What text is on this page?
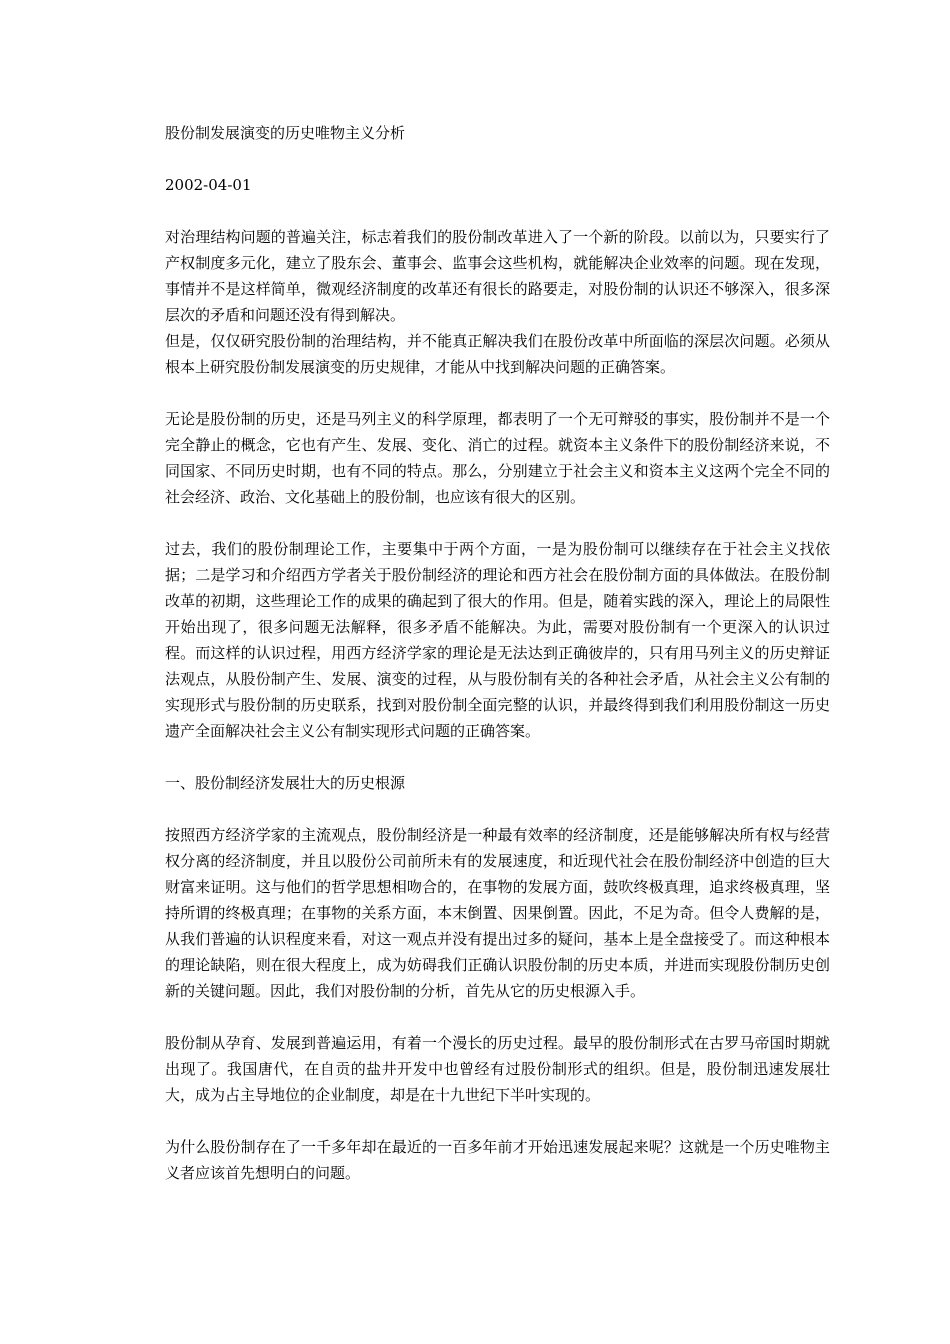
股份制发展演变的历史唯物主义分析

2002-04-01

对治理结构问题的普遍关注，标志着我们的股份制改革进入了一个新的阶段。以前以为，只要实行了产权制度多元化，建立了股东会、董事会、监事会这些机构，就能解决企业效率的问题。现在发现，事情并不是这样简单，微观经济制度的改革还有很长的路要走，对股份制的认识还不够深入，很多深层次的矛盾和问题还没有得到解决。

但是，仅仅研究股份制的治理结构，并不能真正解决我们在股份改革中所面临的深层次问题。必须从根本上研究股份制发展演变的历史规律，才能从中找到解决问题的正确答案。

无论是股份制的历史，还是马列主义的科学原理，都表明了一个无可辩驳的事实，股份制并不是一个完全静止的概念，它也有产生、发展、变化、消亡的过程。就资本主义条件下的股份制经济来说，不同国家、不同历史时期，也有不同的特点。那么，分别建立于社会主义和资本主义这两个完全不同的社会经济、政治、文化基础上的股份制，也应该有很大的区别。

过去，我们的股份制理论工作，主要集中于两个方面，一是为股份制可以继续存在于社会主义找依据；二是学习和介绍西方学者关于股份制经济的理论和西方社会在股份制方面的具体做法。在股份制改革的初期，这些理论工作的成果的确起到了很大的作用。但是，随着实践的深入，理论上的局限性开始出现了，很多问题无法解释，很多矛盾不能解决。为此，需要对股份制有一个更深入的认识过程。而这样的认识过程，用西方经济学家的理论是无法达到正确彼岸的，只有用马列主义的历史辩证法观点，从股份制产生、发展、演变的过程，从与股份制有关的各种社会矛盾，从社会主义公有制的实现形式与股份制的历史联系，找到对股份制全面完整的认识，并最终得到我们利用股份制这一历史遗产全面解决社会主义公有制实现形式问题的正确答案。

一、股份制经济发展壮大的历史根源

按照西方经济学家的主流观点，股份制经济是一种最有效率的经济制度，还是能够解决所有权与经营权分离的经济制度，并且以股份公司前所未有的发展速度，和近现代社会在股份制经济中创造的巨大财富来证明。这与他们的哲学思想相吻合的，在事物的发展方面，鼓吹终极真理，追求终极真理，坚持所谓的终极真理；在事物的关系方面，本末倒置、因果倒置。因此，不足为奇。但令人费解的是，从我们普遍的认识程度来看，对这一观点并没有提出过多的疑问，基本上是全盘接受了。而这种根本的理论缺陷，则在很大程度上，成为妨碍我们正确认识股份制的历史本质，并进而实现股份制历史创新的关键问题。因此，我们对股份制的分析，首先从它的历史根源入手。

股份制从孕育、发展到普遍运用，有着一个漫长的历史过程。最早的股份制形式在古罗马帝国时期就出现了。我国唐代，在自贡的盐井开发中也曾经有过股份制形式的组织。但是，股份制迅速发展壮大，成为占主导地位的企业制度，却是在十九世纪下半叶实现的。

为什么股份制存在了一千多年却在最近的一百多年前才开始迅速发展起来呢？这就是一个历史唯物主义者应该首先想明白的问题。
